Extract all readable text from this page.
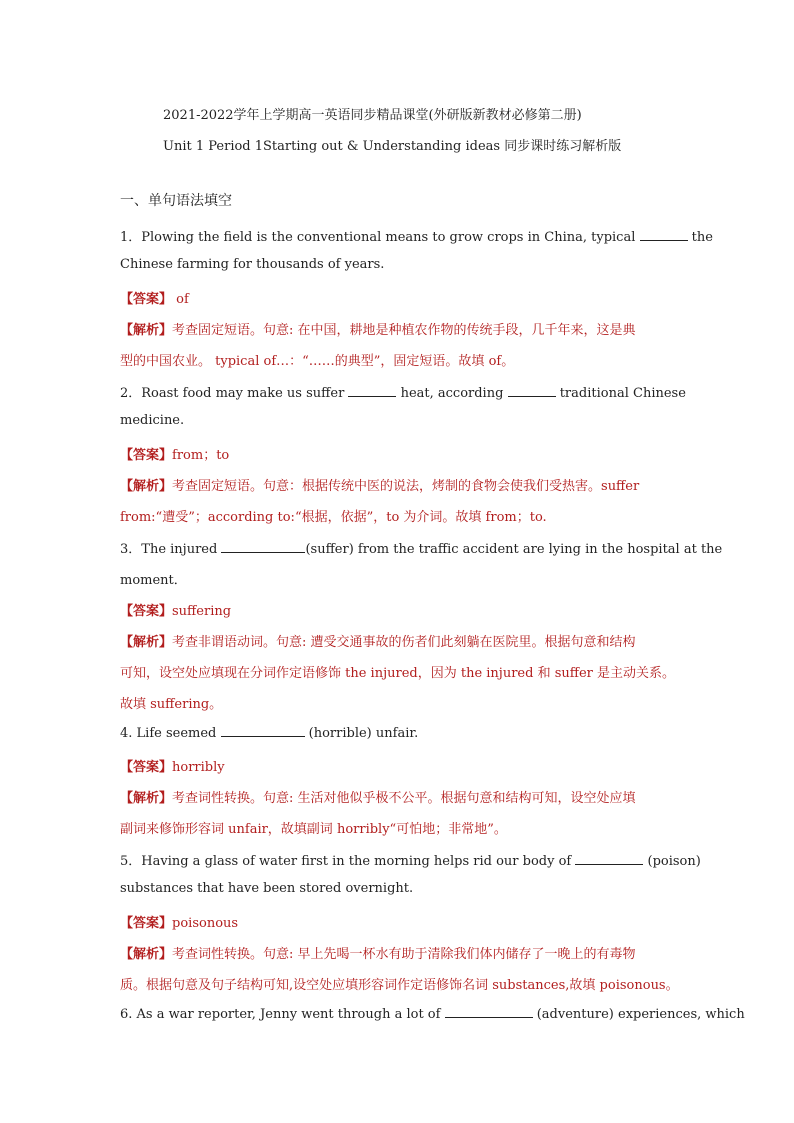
2021-2022学年上学期高一英语同步精品课堂(外研版新教材必修第二册)
Unit 1 Period 1Starting out & Understanding ideas 同步课时练习解析版
一、单句语法填空
1．Plowing the field is the conventional means to grow crops in China, typical	the
Chinese farming for thousands of years.
【答案】 of
【解析】考查固定短语。句意: 在中国，耕地是种植农作物的传统手段，几千年来，这是典
型的中国农业。 typical of…：“……的典型”，固定短语。故填 of。
2．Roast food may make us suffer	heat, according	traditional Chinese
medicine.
【答案】from；to
【解析】考查固定短语。句意：根据传统中医的说法，烤制的食物会使我们受热害。suffer
from:“遭受”；according to:“根据，依据”，to 为介词。故填 from；to.
3．The injured	(suffer) from the traffic accident are lying in the hospital at the
moment．
【答案】suffering
【解析】考查非谓语动词。句意: 遭受交通事故的伤者们此刻躺在医院里。根据句意和结构
可知，设空处应填现在分词作定语修饰 the injured，因为 the injured 和 suffer 是主动关系。
故填 suffering。
4. Life seemed	(horrible) unfair.
【答案】horribly
【解析】考查词性转换。句意: 生活对他似乎极不公平。根据句意和结构可知，设空处应填
副词来修饰形容词 unfair，故填副词 horribly“可怕地；非常地”。
5．Having a glass of water first in the morning helps rid our body of	(poison)
substances that have been stored overnight.
【答案】poisonous
【解析】考查词性转换。句意: 早上先喝一杯水有助于清除我们体内储存了一晚上的有毒物
质。根据句意及句子结构可知,设空处应填形容词作定语修饰名词 substances,故填 poisonous。
6. As a war reporter, Jenny went through a lot of	(adventure) experiences, which
